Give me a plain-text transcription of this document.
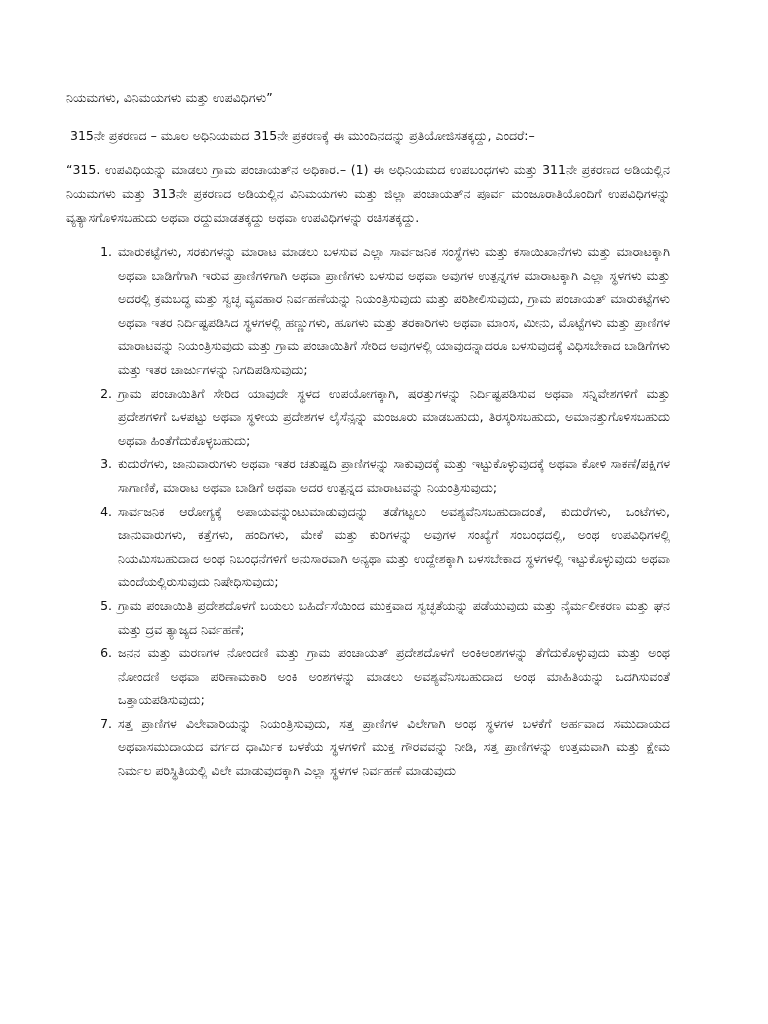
ನಿಯಮಗಳು, ವಿನಿಮಯಗಳು ಮತ್ತು ಉಪವಿಧಿಗಳು”

315ನೇ ಪ್ರಕರಣದ – ಮೂಲ ಅಧಿನಿಯಮದ 315ನೇ ಪ್ರಕರಣಕ್ಕೆ ಈ ಮುಂದಿನದನ್ನು ಪ್ರತಿಯೋಜಿಸತಕ್ಕದ್ದು, ಎಂದರೆ:–

“315. ಉಪವಿಧಿಯನ್ನು ಮಾಡಲು ಗ್ರಾಮ ಪಂಚಾಯತ್‌ನ ಅಧಿಕಾರ.– (1) ಈ ಅಧಿನಿಯಮದ ಉಪಬಂಧಗಳು ಮತ್ತು 311ನೇ ಪ್ರಕರಣದ ಅಡಿಯಲ್ಲಿನ ನಿಯಮಗಳು ಮತ್ತು 313ನೇ ಪ್ರಕರಣದ ಅಡಿಯಲ್ಲಿನ ವಿನಿಮಯಗಳು ಮತ್ತು ಜಿಲ್ಲಾ ಪಂಚಾಯತ್‌ನ ಪೂರ್ವ ಮಂಜೂರಾತಿಯೊಂದಿಗೆ ಉಪವಿಧಿಗಳನ್ನು ವ್ಯತ್ಯಾಸಗೊಳಿಸಬಹುದು ಅಥವಾ ರದ್ದುಮಾಡತಕ್ಕದ್ದು ಅಥವಾ ಉಪವಿಧಿಗಳನ್ನು ರಚಿಸತಕ್ಕದ್ದು.

1. ಮಾರುಕಟ್ಟೆಗಳು, ಸರಕುಗಳನ್ನು ಮಾರಾಟ ಮಾಡಲು ಬಳಸುವ ಎಲ್ಲಾ ಸಾರ್ವಜನಿಕ ಸಂಸ್ಥೆಗಳು ಮತ್ತು ಕಸಾಯಿಖಾನೆಗಳು ಮತ್ತು ಮಾರಾಟಕ್ಕಾಗಿ ಅಥವಾ ಬಾಡಿಗೆಗಾಗಿ ಇರುವ ಪ್ರಾಣಿಗಳಿಗಾಗಿ ಅಥವಾ ಪ್ರಾಣಿಗಳು ಬಳಸುವ ಅಥವಾ ಅವುಗಳ ಉತ್ಪನ್ನಗಳ ಮಾರಾಟಕ್ಕಾಗಿ ಎಲ್ಲಾ ಸ್ಥಳಗಳು ಮತ್ತು ಅದರಲ್ಲಿ ಕ್ರಮಬದ್ಧ ಮತ್ತು ಸ್ವಚ್ಛ ವ್ಯವಹಾರ ನಿರ್ವಹಣೆಯನ್ನು ನಿಯಂತ್ರಿಸುವುದು ಮತ್ತು ಪರಿಶೀಲಿಸುವುದು, ಗ್ರಾಮ ಪಂಚಾಯತ್ ಮಾರುಕಟ್ಟೆಗಳು ಅಥವಾ ಇತರ ನಿರ್ದಿಷ್ಟಪಡಿಸಿದ ಸ್ಥಳಗಳಲ್ಲಿ ಹಣ್ಣುಗಳು, ಹೂಗಳು ಮತ್ತು ತರಕಾರಿಗಳು ಅಥವಾ ಮಾಂಸ, ಮೀನು, ಮೊಟ್ಟೆಗಳು ಮತ್ತು ಪ್ರಾಣಿಗಳ ಮಾರಾಟವನ್ನು ನಿಯಂತ್ರಿಸುವುದು ಮತ್ತು ಗ್ರಾಮ ಪಂಚಾಯಿತಿಗೆ ಸೇರಿದ ಅವುಗಳಲ್ಲಿ ಯಾವುದನ್ನಾದರೂ ಬಳಸುವುದಕ್ಕೆ ವಿಧಿಸಬೇಕಾದ ಬಾಡಿಗೆಗಳು ಮತ್ತು ಇತರ ಚಾರ್ಜುಗಳನ್ನು ನಿಗದಿಪಡಿಸುವುದು;
2. ಗ್ರಾಮ ಪಂಚಾಯಿತಿಗೆ ಸೇರಿದ ಯಾವುದೇ ಸ್ಥಳದ ಉಪಯೋಗಕ್ಕಾಗಿ, ಷರತ್ತುಗಳನ್ನು ನಿರ್ದಿಷ್ಟಪಡಿಸುವ ಅಥವಾ ಸನ್ನಿವೇಶಗಳಿಗೆ ಮತ್ತು ಪ್ರದೇಶಗಳಿಗೆ ಒಳಪಟ್ಟು ಅಥವಾ ಸ್ಥಳೀಯ ಪ್ರದೇಶಗಳ ಲೈಸೆನ್ಸನ್ನು ಮಂಜೂರು ಮಾಡಬಹುದು, ತಿರಸ್ಕರಿಸಬಹುದು, ಅಮಾನತ್ತುಗೊಳಿಸಬಹುದು ಅಥವಾ ಹಿಂತೆಗೆದುಕೊಳ್ಳಬಹುದು;
3. ಕುದುರೆಗಳು, ಜಾನುವಾರುಗಳು ಅಥವಾ ಇತರ ಚತುಷ್ಪದಿ ಪ್ರಾಣಿಗಳನ್ನು ಸಾಕುವುದಕ್ಕೆ ಮತ್ತು ಇಟ್ಟುಕೊಳ್ಳುವುದಕ್ಕೆ ಅಥವಾ ಕೋಳಿ ಸಾಕಣೆ/ಪಕ್ಷಿಗಳ ಸಾಗಾಣಿಕೆ, ಮಾರಾಟ ಅಥವಾ ಬಾಡಿಗೆ ಅಥವಾ ಅದರ ಉತ್ಪನ್ನದ ಮಾರಾಟವನ್ನು ನಿಯಂತ್ರಿಸುವುದು;
4. ಸಾರ್ವಜನಿಕ ಆರೋಗ್ಯಕ್ಕೆ ಅಪಾಯವನ್ನುಂಟುಮಾಡುವುದನ್ನು ತಡೆಗಟ್ಟಲು ಅವಶ್ಯವೆನಿಸಬಹುದಾದಂತೆ, ಕುದುರೆಗಳು, ಒಂಟೆಗಳು, ಜಾನುವಾರುಗಳು, ಕತ್ತೆಗಳು, ಹಂದಿಗಳು, ಮೇಕೆ ಮತ್ತು ಕುರಿಗಳನ್ನು ಅವುಗಳ ಸಂಖ್ಯೆಗೆ ಸಂಬಂಧದಲ್ಲಿ, ಅಂಥ ಉಪವಿಧಿಗಳಲ್ಲಿ ನಿಯಮಿಸಬಹುದಾದ ಅಂಥ ನಿಬಂಧನೆಗಳಿಗೆ ಅನುಸಾರವಾಗಿ ಅನ್ಯಥಾ ಮತ್ತು ಉದ್ದೇಶಕ್ಕಾಗಿ ಬಳಸಬೇಕಾದ ಸ್ಥಳಗಳಲ್ಲಿ ಇಟ್ಟುಕೊಳ್ಳುವುದು ಅಥವಾ ಮಂದೆಯಲ್ಲಿರುಸುವುದು ನಿಷೇಧಿಸುವುದು;
5. ಗ್ರಾಮ ಪಂಚಾಯಿತಿ ಪ್ರದೇಶದೊಳಗೆ ಬಯಲು ಬಹಿರ್ದೆಸೆಯಿಂದ ಮುಕ್ತವಾದ ಸ್ವಚ್ಛತೆಯನ್ನು ಪಡೆಯುವುದು ಮತ್ತು ನೈರ್ಮಲೀಕರಣ ಮತ್ತು ಘನ ಮತ್ತು ದ್ರವ ತ್ಯಾಜ್ಯದ ನಿರ್ವಹಣೆ;
6. ಜನನ ಮತ್ತು ಮರಣಗಳ ನೋಂದಣಿ ಮತ್ತು ಗ್ರಾಮ ಪಂಚಾಯತ್ ಪ್ರದೇಶದೊಳಗೆ ಅಂಕಿಅಂಶಗಳನ್ನು ತೆಗೆದುಕೊಳ್ಳುವುದು ಮತ್ತು ಅಂಥ ನೋಂದಣಿ ಅಥವಾ ಪರಿಣಾಮಕಾರಿ ಅಂಕಿ ಅಂಶಗಳನ್ನು ಮಾಡಲು ಅವಶ್ಯವೆನಿಸಬಹುದಾದ ಅಂಥ ಮಾಹಿತಿಯನ್ನು ಒದಗಿಸುವಂತೆ ಒತ್ತಾಯಪಡಿಸುವುದು;
7. ಸತ್ತ ಪ್ರಾಣಿಗಳ ವಿಲೇವಾರಿಯನ್ನು ನಿಯಂತ್ರಿಸುವುದು, ಸತ್ತ ಪ್ರಾಣಿಗಳ ವಿಲೇಗಾಗಿ ಅಂಥ ಸ್ಥಳಗಳ ಬಳಕೆಗೆ ಅರ್ಹವಾದ ಸಮುದಾಯದ ಅಥವಾಸಮುದಾಯದ ವರ್ಗದ ಧಾರ್ಮಿಕ ಬಳಕೆಯ ಸ್ಥಳಗಳಿಗೆ ಮುಕ್ತ ಗೌರವವನ್ನು ನೀಡಿ, ಸತ್ತ ಪ್ರಾಣಿಗಳನ್ನು ಉತ್ತಮವಾಗಿ ಮತ್ತು ಕ್ಷೇಮ ನಿರ್ಮಲ ಪರಿಸ್ಥಿತಿಯಲ್ಲಿ ವಿಲೇ ಮಾಡುವುದಕ್ಕಾಗಿ ಎಲ್ಲಾ ಸ್ಥಳಗಳ ನಿರ್ವಹಣೆ ಮಾಡುವುದು
